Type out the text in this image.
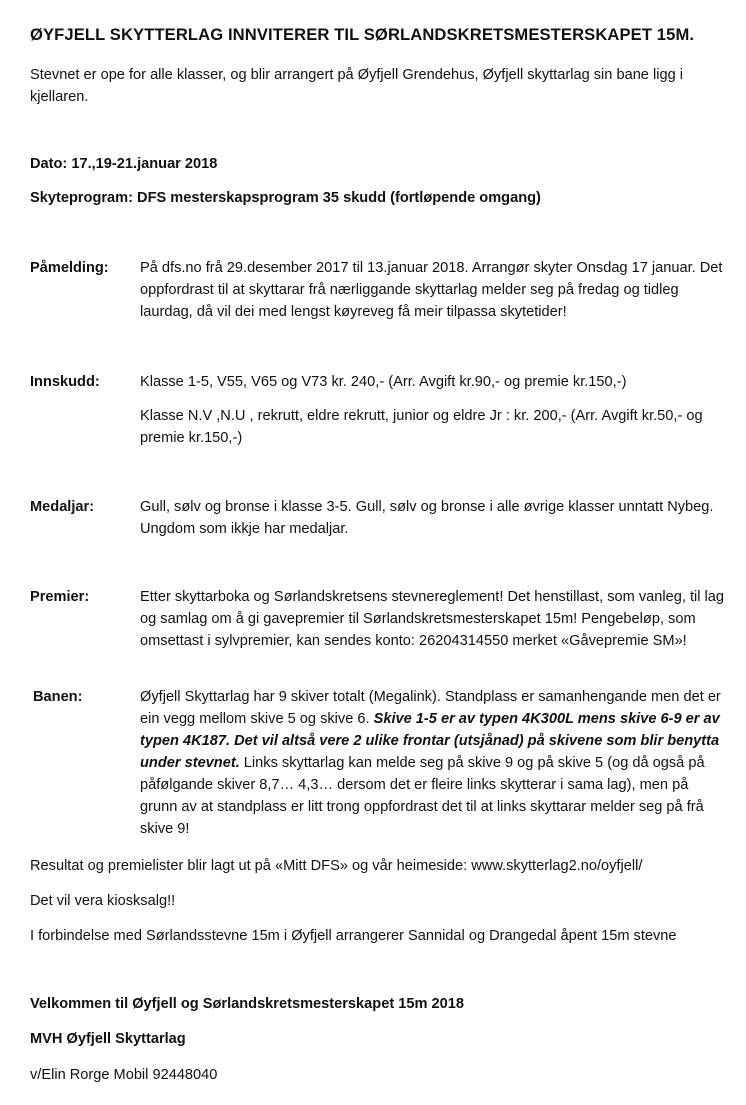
ØYFJELL SKYTTERLAG INNVITERER TIL SØRLANDSKRETSMESTERSKAPET 15M.

Stevnet er ope for alle klasser, og blir arrangert på Øyfjell Grendehus, Øyfjell skyttarlag sin bane ligg i kjellaren.

Dato: 17.,19-21.januar 2018
Skyteprogram: DFS mesterskapsprogram 35 skudd (fortløpende omgang)
Påmelding:	På dfs.no frå 29.desember 2017 til 13.januar 2018. Arrangør skyter Onsdag 17 januar. Det oppfordrast til at skyttarar frå nærliggande skyttarlag melder seg på fredag og tidleg laurdag, då vil dei med lengst køyreveg få meir tilpassa skytetider!
Innskudd:	Klasse 1-5, V55, V65 og V73 kr. 240,- (Arr. Avgift kr.90,- og premie kr.150,-)

Klasse N.V ,N.U , rekrutt, eldre rekrutt, junior og eldre Jr : kr. 200,- (Arr. Avgift kr.50,- og premie kr.150,-)

Medaljar:	Gull, sølv og bronse i klasse 3-5. Gull, sølv og bronse i alle øvrige klasser unntatt Nybeg. Ungdom som ikkje har medaljar.
Premier:	Etter skyttarboka og Sørlandskretsens stevnereglement! Det henstillast, som vanleg, til lag og samlag om å gi gavepremier til Sørlandskretsmesterskapet 15m! Pengebeløp, som omsettast i sylvpremier, kan sendes konto: 26204314550 merket «Gåvepremie SM»!
Banen:	Øyfjell Skyttarlag har 9 skiver totalt (Megalink). Standplass er samanhengande men det er ein vegg mellom skive 5 og skive 6. Skive 1-5 er av typen 4K300L mens skive 6-9 er av typen 4K187. Det vil altså vere 2 ulike frontar (utsjånad) på skivene som blir benytta under stevnet. Links skyttarlag kan melde seg på skive 9 og på skive 5 (og då også på påfølgande skiver 8,7… 4,3… dersom det er fleire links skytterar i sama lag), men på grunn av at standplass er litt trong oppfordrast det til at links skyttarar melder seg på frå skive 9!
Resultat og premielister blir lagt ut på «Mitt DFS» og vår heimeside: www.skytterlag2.no/oyfjell/
Det vil vera kiosksalg!!
I forbindelse med Sørlandsstevne 15m i Øyfjell arrangerer Sannidal og Drangedal åpent 15m stevne
Velkommen til Øyfjell og Sørlandskretsmesterskapet 15m 2018
MVH Øyfjell Skyttarlag
v/Elin Rorge Mobil 92448040
